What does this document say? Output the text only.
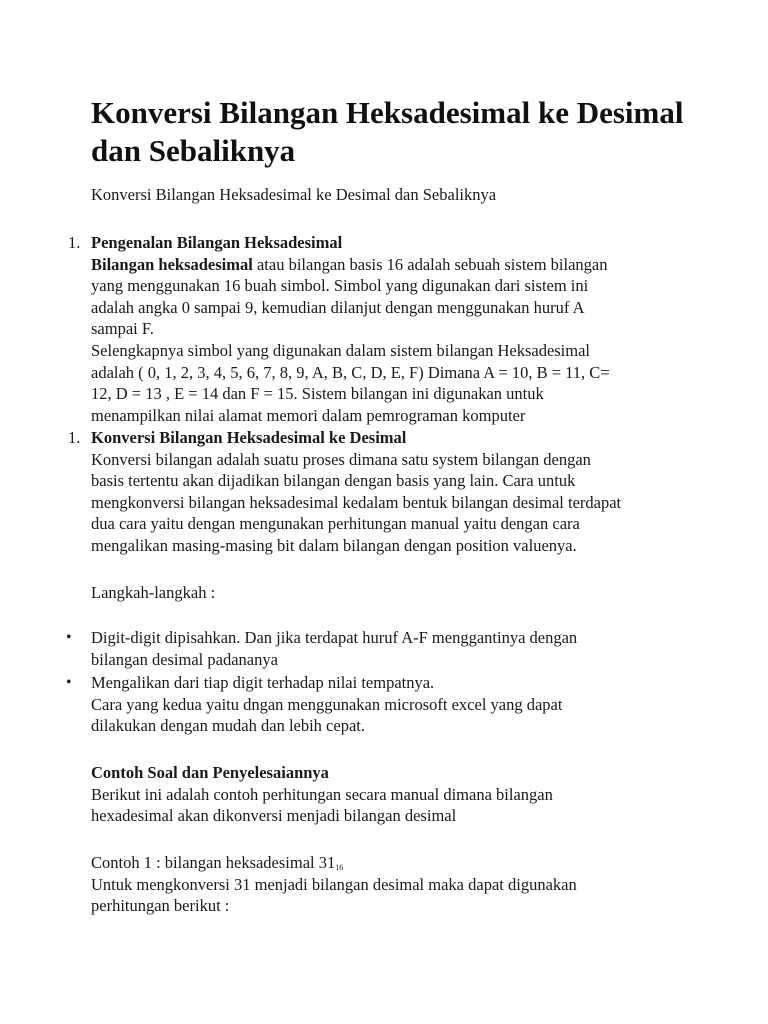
Konversi Bilangan Heksadesimal ke Desimal dan Sebaliknya

Konversi Bilangan Heksadesimal ke Desimal dan Sebaliknya

1. Pengenalan Bilangan Heksadesimal

Bilangan heksadesimal atau bilangan basis 16 adalah sebuah sistem bilangan

yang menggunakan 16 buah simbol. Simbol yang digunakan dari sistem ini

adalah angka 0 sampai 9, kemudian dilanjut dengan menggunakan huruf A

sampai F.

Selengkapnya simbol yang digunakan dalam sistem bilangan Heksadesimal

adalah ( 0, 1, 2, 3, 4, 5, 6, 7, 8, 9, A, B, C, D, E, F) Dimana A = 10, B = 11, C=

12, D = 13 , E = 14 dan F = 15. Sistem bilangan ini digunakan untuk

menampilkan nilai alamat memori dalam pemrograman komputer

1. Konversi Bilangan Heksadesimal ke Desimal

Konversi bilangan adalah suatu proses dimana satu system bilangan dengan

basis tertentu akan dijadikan bilangan dengan basis yang lain. Cara untuk

mengkonversi bilangan heksadesimal kedalam bentuk bilangan desimal terdapat

dua cara yaitu dengan mengunakan perhitungan manual yaitu dengan cara

mengalikan masing-masing bit dalam bilangan dengan position valuenya.

Langkah-langkah :

• Digit-digit dipisahkan. Dan jika terdapat huruf A-F menggantinya dengan

bilangan desimal padananya

• Mengalikan dari tiap digit terhadap nilai tempatnya.

Cara yang kedua yaitu dngan menggunakan microsoft excel yang dapat

dilakukan dengan mudah dan lebih cepat.

Contoh Soal dan Penyelesaiannya

Berikut ini adalah contoh perhitungan secara manual dimana bilangan

hexadesimal akan dikonversi menjadi bilangan desimal

Contoh 1 : bilangan heksadesimal $31_{16}$

Untuk mengkonversi 31 menjadi bilangan desimal maka dapat digunakan

perhitungan berikut :
